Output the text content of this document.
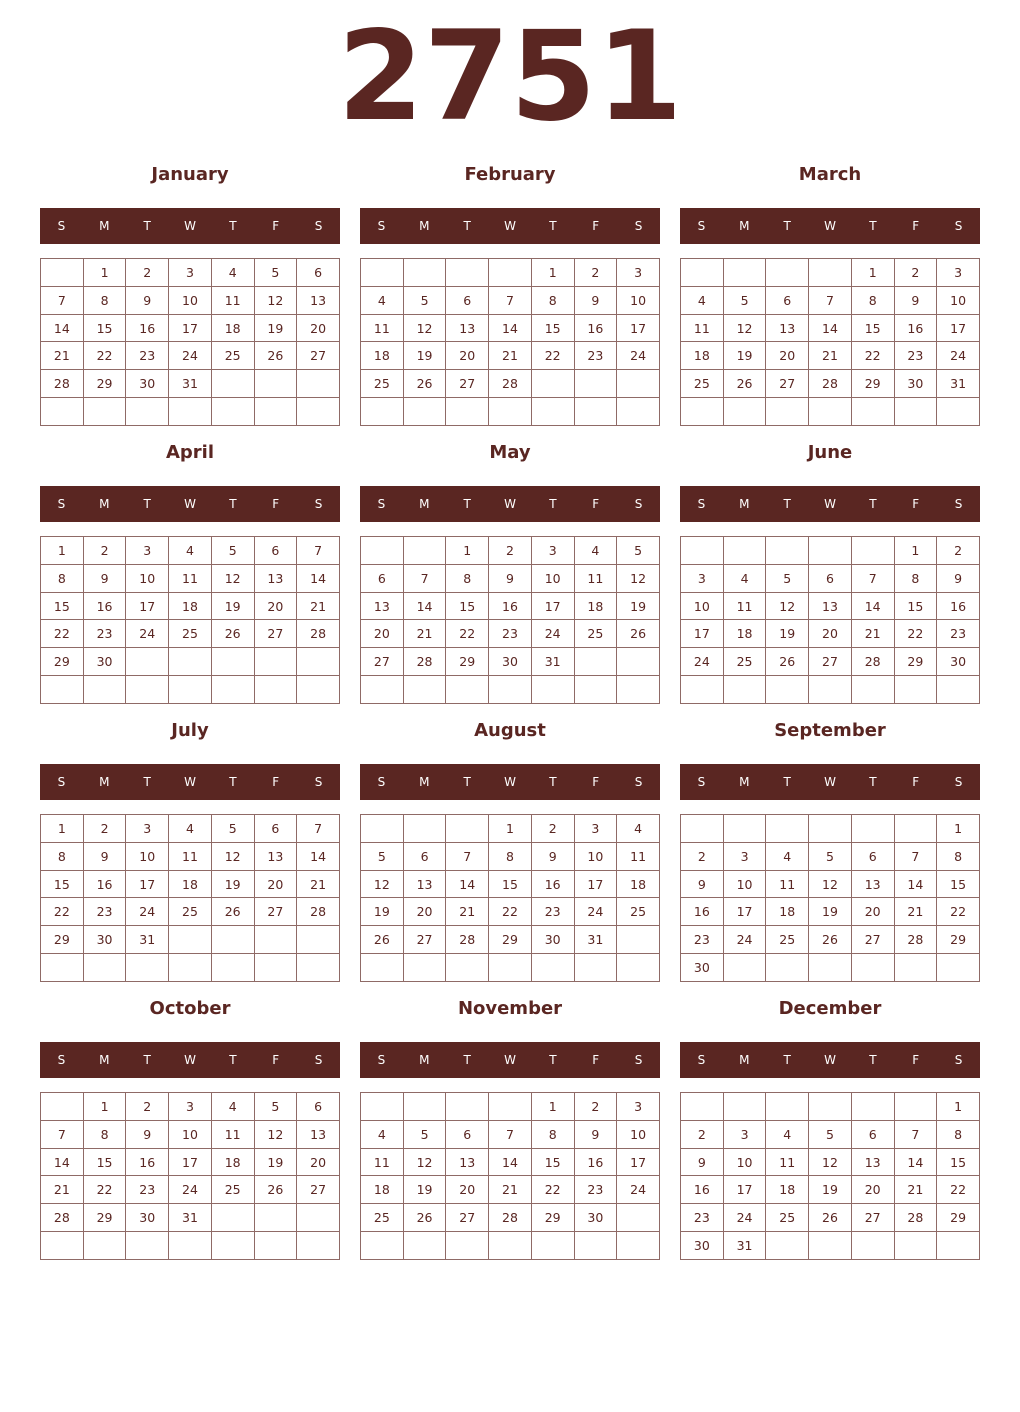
2751
January
S	M	T	W	T	F	S
	1	2	3	4	5	6
7	8	9	10	11	12	13
14	15	16	17	18	19	20
21	22	23	24	25	26	27
28	29	30	31			

February
S	M	T	W	T	F	S
				1	2	3
4	5	6	7	8	9	10
11	12	13	14	15	16	17
18	19	20	21	22	23	24
25	26	27	28			

March
S	M	T	W	T	F	S
				1	2	3
4	5	6	7	8	9	10
11	12	13	14	15	16	17
18	19	20	21	22	23	24
25	26	27	28	29	30	31

April
S	M	T	W	T	F	S
1	2	3	4	5	6	7
8	9	10	11	12	13	14
15	16	17	18	19	20	21
22	23	24	25	26	27	28
29	30					

May
S	M	T	W	T	F	S
		1	2	3	4	5
6	7	8	9	10	11	12
13	14	15	16	17	18	19
20	21	22	23	24	25	26
27	28	29	30	31		

June
S	M	T	W	T	F	S
					1	2
3	4	5	6	7	8	9
10	11	12	13	14	15	16
17	18	19	20	21	22	23
24	25	26	27	28	29	30

July
S	M	T	W	T	F	S
1	2	3	4	5	6	7
8	9	10	11	12	13	14
15	16	17	18	19	20	21
22	23	24	25	26	27	28
29	30	31				

August
S	M	T	W	T	F	S
			1	2	3	4
5	6	7	8	9	10	11
12	13	14	15	16	17	18
19	20	21	22	23	24	25
26	27	28	29	30	31	

September
S	M	T	W	T	F	S
						1
2	3	4	5	6	7	8
9	10	11	12	13	14	15
16	17	18	19	20	21	22
23	24	25	26	27	28	29
30						
October
S	M	T	W	T	F	S
	1	2	3	4	5	6
7	8	9	10	11	12	13
14	15	16	17	18	19	20
21	22	23	24	25	26	27
28	29	30	31			

November
S	M	T	W	T	F	S
				1	2	3
4	5	6	7	8	9	10
11	12	13	14	15	16	17
18	19	20	21	22	23	24
25	26	27	28	29	30	

December
S	M	T	W	T	F	S
						1
2	3	4	5	6	7	8
9	10	11	12	13	14	15
16	17	18	19	20	21	22
23	24	25	26	27	28	29
30	31					
